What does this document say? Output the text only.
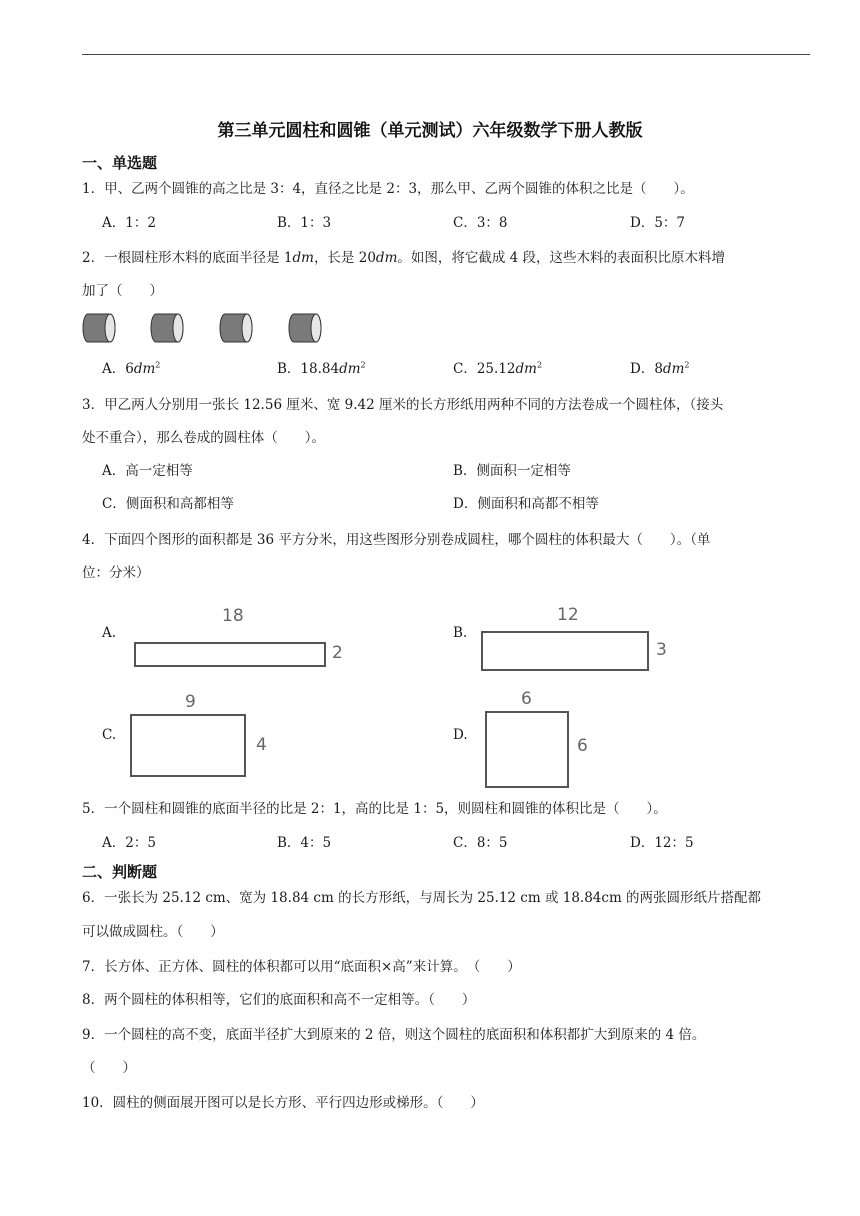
第三单元圆柱和圆锥（单元测试）六年级数学下册人教版
一、单选题
1．甲、乙两个圆锥的高之比是 3：4，直径之比是 2：3，那么甲、乙两个圆锥的体积之比是（　　）。
A．1：2	B．1：3	C．3：8	D．5：7
2．一根圆柱形木料的底面半径是 1dm，长是 20dm。如图，将它截成 4 段，这些木料的表面积比原木料增
加了（　　）
A．$6dm^2$	B．$18.84dm^2$	C．$25.12dm^2$	D．$8dm^2$
3．甲乙两人分别用一张长 12.56 厘米、宽 9.42 厘米的长方形纸用两种不同的方法卷成一个圆柱体，（接头
处不重合），那么卷成的圆柱体（　　）。
A．高一定相等	B．侧面积一定相等
C．侧面积和高都相等	D．侧面积和高都不相等
4．下面四个图形的面积都是 36 平方分米，用这些图形分别卷成圆柱，哪个圆柱的体积最大（　　）。（单
位：分米）
A.
18
2
B.
12
3
C.
9
4	D.
6
6
5．一个圆柱和圆锥的底面半径的比是 2：1，高的比是 1：5，则圆柱和圆锥的体积比是（　　）。
A．2：5	B．4：5	C．8：5	D．12：5
二、判断题
6．一张长为 25.12 cm、宽为 18.84 cm 的长方形纸，与周长为 25.12 cm 或 18.84cm 的两张圆形纸片搭配都
可以做成圆柱。（　　）
7．长方体、正方体、圆柱的体积都可以用“底面积×高”来计算。　（　　）
8．两个圆柱的体积相等，它们的底面积和高不一定相等。（　　）
9．一个圆柱的高不变，底面半径扩大到原来的 2 倍，则这个圆柱的底面积和体积都扩大到原来的 4 倍。
（　　）
10．圆柱的侧面展开图可以是长方形、平行四边形或梯形。（　　）
